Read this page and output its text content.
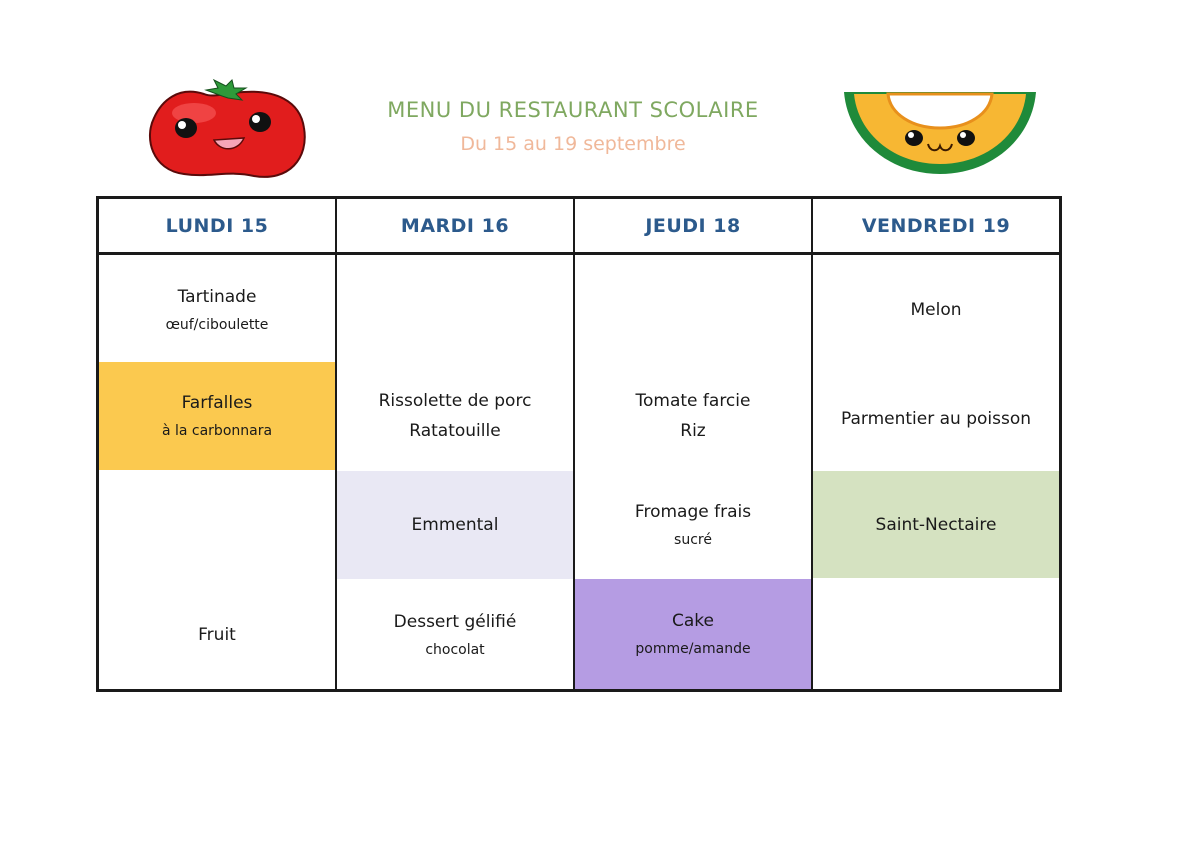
MENU DU RESTAURANT SCOLAIRE
Du 15 au 19 septembre
LUNDI 15
Tartinade
œuf/ciboulette
Farfalles
à la carbonnara
Fruit
MARDI 16
Rissolette de porc
Ratatouille
Emmental
Dessert gélifié
chocolat
JEUDI 18
Tomate farcie
Riz
Fromage frais
sucré
Cake
pomme/amande
VENDREDI 19
Melon
Parmentier au poisson
Saint-Nectaire
